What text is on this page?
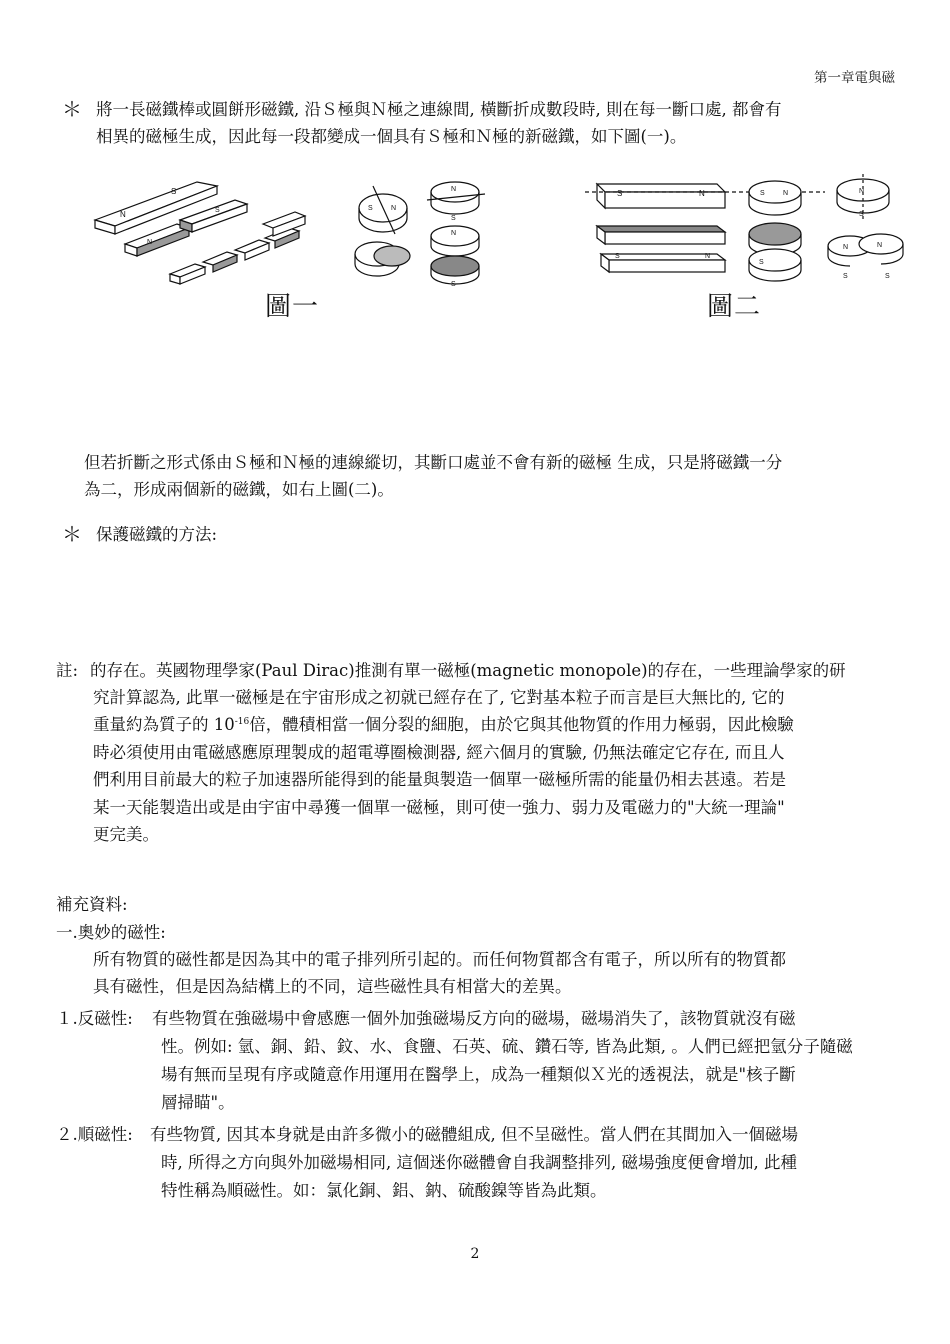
第一章電與磁
＊ 將一長磁鐵棒或圓餅形磁鐵, 沿Ｓ極與Ｎ極之連線間, 橫斷折成數段時, 則在每一斷口處, 都會有
相異的磁極生成，因此每一段都變成一個具有Ｓ極和Ｎ極的新磁鐵，如下圖(一)。
N
S
N
S	S	N
N
S
N
S
S	N
S	N
S	N
S
N
S
N	N
S	S
圖一	圖二
但若折斷之形式係由Ｓ極和Ｎ極的連線縱切，其斷口處並不會有新的磁極 生成，只是將磁鐵一分
為二，形成兩個新的磁鐵，如右上圖(二)。
＊ 保護磁鐵的方法:
註: 的存在。英國物理學家(Paul Dirac)推測有單一磁極(magnetic monopole)的存在，一些理論學家的研
究計算認為, 此單一磁極是在宇宙形成之初就已經存在了, 它對基本粒子而言是巨大無比的, 它的
重量約為質子的 $10^{-16}$倍，體積相當一個分裂的細胞，由於它與其他物質的作用力極弱，因此檢驗
時必須使用由電磁感應原理製成的超電導圈檢測器, 經六個月的實驗, 仍無法確定它存在, 而且人
們利用目前最大的粒子加速器所能得到的能量與製造一個單一磁極所需的能量仍相去甚遠。若是
某一天能製造出或是由宇宙中尋獲一個單一磁極，則可使一強力、弱力及電磁力的"大統一理論"
更完美。
補充資料:
一.奧妙的磁性:
所有物質的磁性都是因為其中的電子排列所引起的。而任何物質都含有電子，所以所有的物質都
具有磁性，但是因為結構上的不同，這些磁性具有相當大的差異。
１.反磁性: 有些物質在強磁場中會感應一個外加強磁場反方向的磁場，磁場消失了，該物質就沒有磁
性。例如: 氫、銅、鉛、鈫、水、食鹽、石英、硫、鑽石等, 皆為此類, 。人們已經把氫分子隨磁
場有無而呈現有序或隨意作用運用在醫學上，成為一種類似Ｘ光的透視法，就是"核子斷
層掃瞄"。
２.順磁性: 有些物質, 因其本身就是由許多微小的磁體組成, 但不呈磁性。當人們在其間加入一個磁場
時, 所得之方向與外加磁場相同, 這個迷你磁體會自我調整排列, 磁場強度便會增加, 此種
特性稱為順磁性。如：氯化銅、鋁、鈉、硫酸鎳等皆為此類。
2
